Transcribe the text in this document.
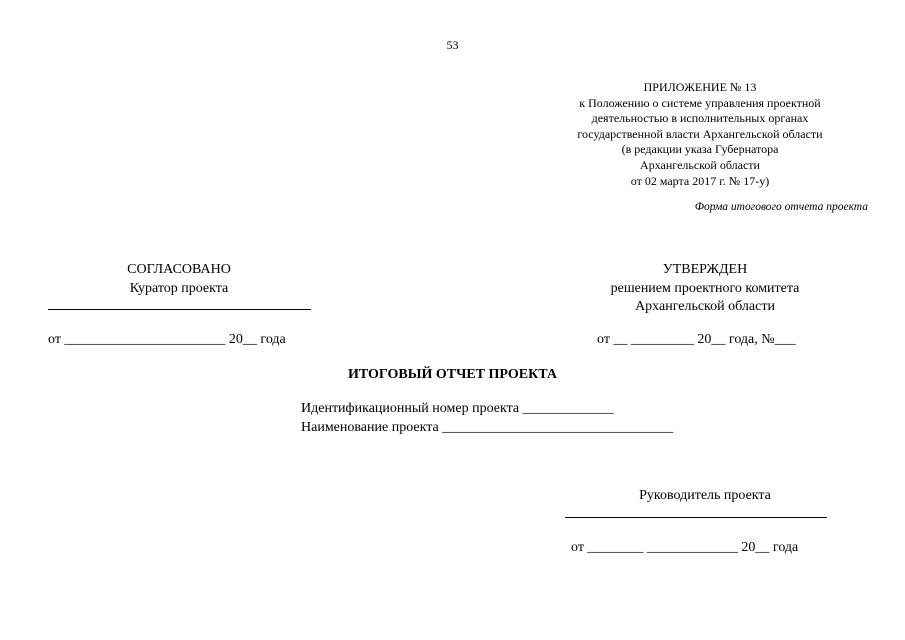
53
ПРИЛОЖЕНИЕ № 13
к Положению о системе управления проектной
деятельностью в исполнительных органах
государственной власти Архангельской области
(в редакции указа Губернатора
Архангельской области
от 02 марта 2017 г. № 17-у)
Форма итогового отчета проекта
СОГЛАСОВАНО
Куратор проекта
от _______________________ 20__ года
УТВЕРЖДЕН
решением проектного комитета
Архангельской области
от __ _________ 20__ года, №___
ИТОГОВЫЙ ОТЧЕТ ПРОЕКТА
Идентификационный номер проекта _____________
Наименование проекта _________________________________
Руководитель проекта
от ________ _____________ 20__ года
